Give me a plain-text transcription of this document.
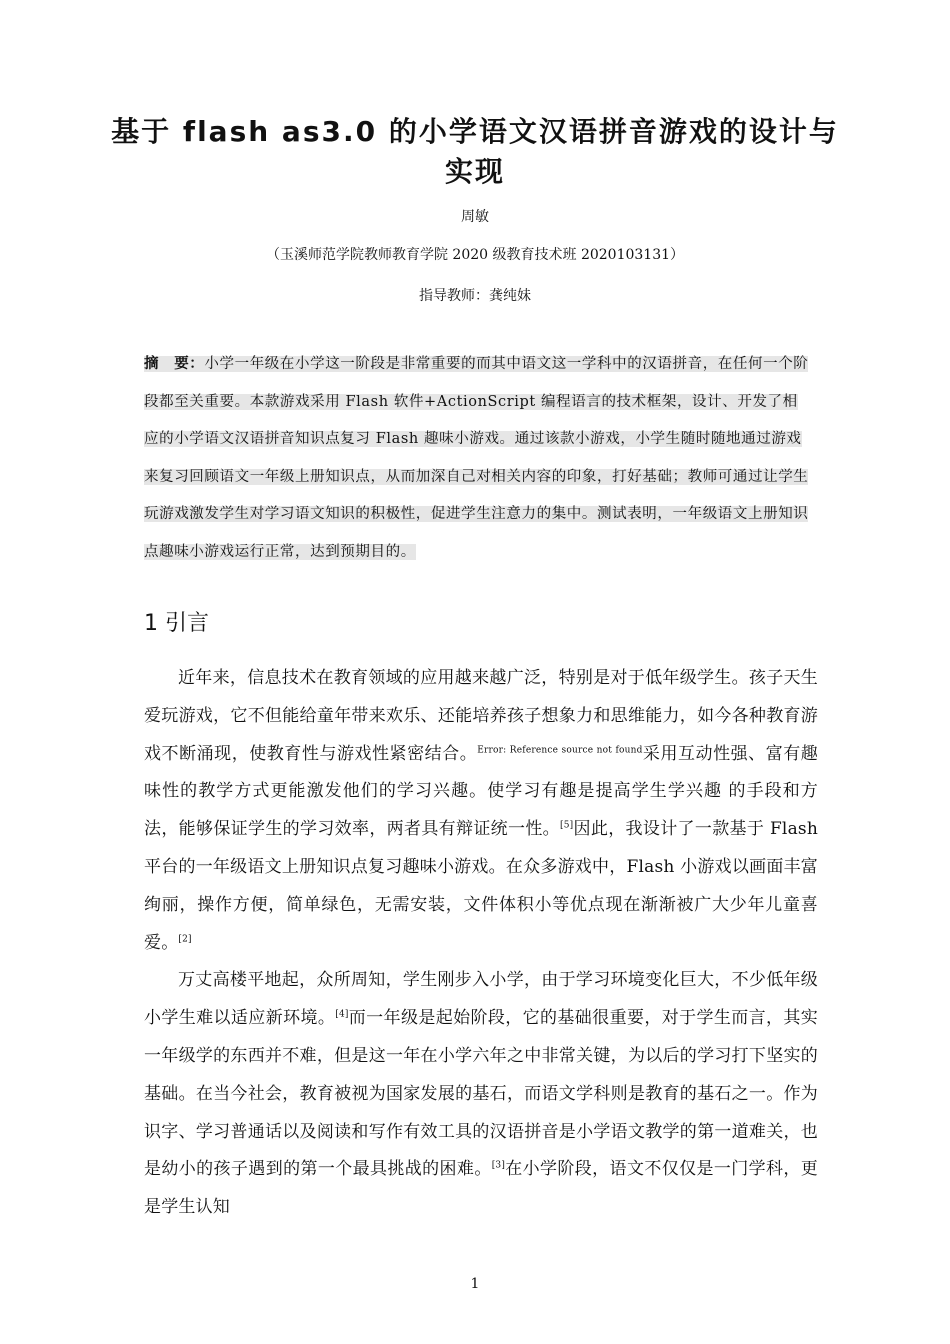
基于 flash as3.0 的小学语文汉语拼音游戏的设计与实现
周敏
（玉溪师范学院教师教育学院 2020 级教育技术班 2020103131）
指导教师：龚纯妹

摘　要：小学一年级在小学这一阶段是非常重要的而其中语文这一学科中的汉语拼音，在任何一个阶段都至关重要。本款游戏采用 Flash 软件+ActionScript 编程语言的技术框架，设计、开发了相应的小学语文汉语拼音知识点复习 Flash 趣味小游戏。通过该款小游戏，小学生随时随地通过游戏来复习回顾语文一年级上册知识点，从而加深自己对相关内容的印象，打好基础；教师可通过让学生玩游戏激发学生对学习语文知识的积极性，促进学生注意力的集中。测试表明，一年级语文上册知识点趣味小游戏运行正常，达到预期目的。

1 引言

近年来，信息技术在教育领域的应用越来越广泛，特别是对于低年级学生。孩子天生爱玩游戏，它不但能给童年带来欢乐、还能培养孩子想象力和思维能力，如今各种教育游戏不断涌现，使教育性与游戏性紧密结合。$^{Error: Reference source not found}$采用互动性强、富有趣味性的教学方式更能激发他们的学习兴趣。使学习有趣是提高学生学兴趣 的手段和方法，能够保证学生的学习效率，两者具有辩证统一性。[5]因此，我设计了一款基于 Flash 平台的一年级语文上册知识点复习趣味小游戏。在众多游戏中，Flash 小游戏以画面丰富绚丽，操作方便，简单绿色，无需安装，文件体积小等优点现在渐渐被广大少年儿童喜爱。[2]

万丈高楼平地起，众所周知，学生刚步入小学，由于学习环境变化巨大，不少低年级小学生难以适应新环境。[4]而一年级是起始阶段，它的基础很重要，对于学生而言，其实一年级学的东西并不难，但是这一年在小学六年之中非常关键，为以后的学习打下坚实的基础。在当今社会，教育被视为国家发展的基石，而语文学科则是教育的基石之一。作为识字、学习普通话以及阅读和写作有效工具的汉语拼音是小学语文教学的第一道难关，也是幼小的孩子遇到的第一个最具挑战的困难。[3]在小学阶段，语文不仅仅是一门学科，更是学生认知

1
